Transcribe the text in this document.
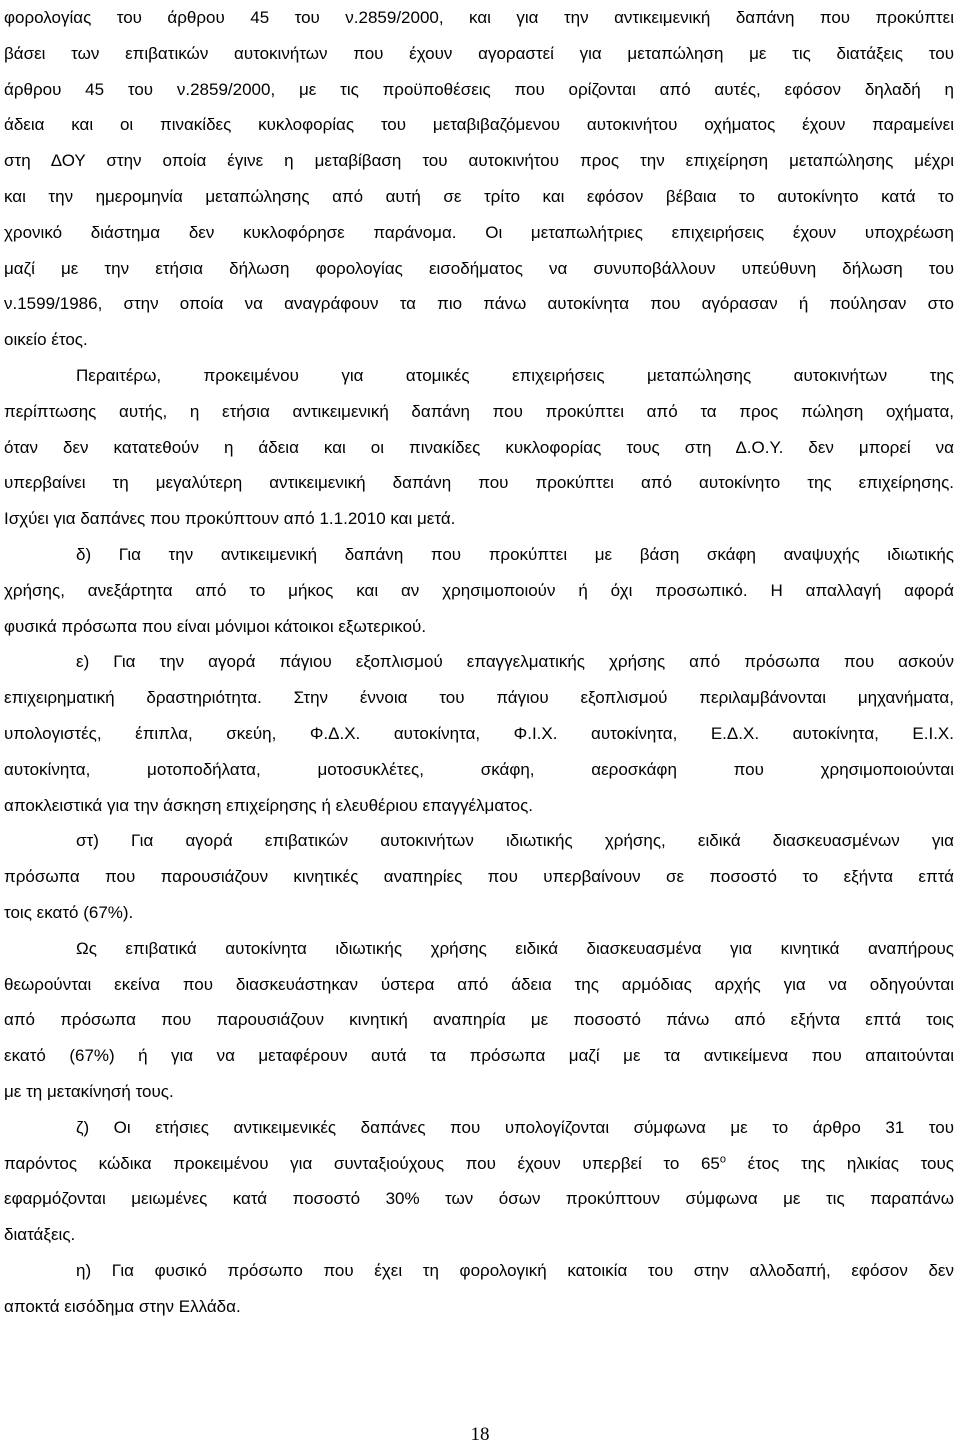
φορολογίας του άρθρου 45 του ν.2859/2000, και για την αντικειμενική δαπάνη που προκύπτει
βάσει των επιβατικών αυτοκινήτων που έχουν αγοραστεί για μεταπώληση με τις διατάξεις του
άρθρου 45 του ν.2859/2000, με τις προϋποθέσεις που ορίζονται από αυτές, εφόσον δηλαδή η
άδεια και οι πινακίδες κυκλοφορίας του μεταβιβαζόμενου αυτοκινήτου οχήματος έχουν παραμείνει
στη ΔΟΥ στην οποία έγινε η μεταβίβαση του αυτοκινήτου προς την επιχείρηση μεταπώλησης μέχρι
και την ημερομηνία μεταπώλησης από αυτή σε τρίτο και εφόσον βέβαια το αυτοκίνητο κατά το
χρονικό διάστημα δεν κυκλοφόρησε παράνομα. Οι μεταπωλήτριες επιχειρήσεις έχουν υποχρέωση
μαζί με την ετήσια δήλωση φορολογίας εισοδήματος να συνυποβάλλουν υπεύθυνη δήλωση του
ν.1599/1986, στην οποία να αναγράφουν τα πιο πάνω αυτοκίνητα που αγόρασαν ή πούλησαν στο
οικείο έτος.
Περαιτέρω, προκειμένου για ατομικές επιχειρήσεις μεταπώλησης αυτοκινήτων της
περίπτωσης αυτής, η ετήσια αντικειμενική δαπάνη που προκύπτει από τα προς πώληση οχήματα,
όταν δεν κατατεθούν η άδεια και οι πινακίδες κυκλοφορίας τους στη Δ.Ο.Υ. δεν μπορεί να
υπερβαίνει τη μεγαλύτερη αντικειμενική δαπάνη που προκύπτει από αυτοκίνητο της επιχείρησης.
Ισχύει για δαπάνες που προκύπτουν από 1.1.2010 και μετά.
δ) Για την αντικειμενική δαπάνη που προκύπτει με βάση σκάφη αναψυχής ιδιωτικής
χρήσης, ανεξάρτητα από το μήκος και αν χρησιμοποιούν ή όχι προσωπικό. Η απαλλαγή αφορά
φυσικά πρόσωπα που είναι μόνιμοι κάτοικοι εξωτερικού.
ε) Για την αγορά πάγιου εξοπλισμού επαγγελματικής χρήσης από πρόσωπα που ασκούν
επιχειρηματική δραστηριότητα. Στην έννοια του πάγιου εξοπλισμού περιλαμβάνονται μηχανήματα,
υπολογιστές, έπιπλα, σκεύη, Φ.Δ.Χ. αυτοκίνητα, Φ.Ι.Χ. αυτοκίνητα, Ε.Δ.Χ. αυτοκίνητα, Ε.Ι.Χ.
αυτοκίνητα, μοτοποδήλατα, μοτοσυκλέτες, σκάφη, αεροσκάφη που χρησιμοποιούνται
αποκλειστικά για την άσκηση επιχείρησης ή ελευθέριου επαγγέλματος.
στ) Για αγορά επιβατικών αυτοκινήτων ιδιωτικής χρήσης, ειδικά διασκευασμένων για
πρόσωπα που παρουσιάζουν κινητικές αναπηρίες που υπερβαίνουν σε ποσοστό το εξήντα επτά
τοις εκατό (67%).
Ως επιβατικά αυτοκίνητα ιδιωτικής χρήσης ειδικά διασκευασμένα για κινητικά αναπήρους
θεωρούνται εκείνα που διασκευάστηκαν ύστερα από άδεια της αρμόδιας αρχής για να οδηγούνται
από πρόσωπα που παρουσιάζουν κινητική αναπηρία με ποσοστό πάνω από εξήντα επτά τοις
εκατό (67%) ή για να μεταφέρουν αυτά τα πρόσωπα μαζί με τα αντικείμενα που απαιτούνται
με τη μετακίνησή τους.
ζ) Οι ετήσιες αντικειμενικές δαπάνες που υπολογίζονται σύμφωνα με το άρθρο 31 του
παρόντος κώδικα προκειμένου για συνταξιούχους που έχουν υπερβεί το $65^o$ έτος της ηλικίας τους
εφαρμόζονται μειωμένες κατά ποσοστό 30% των όσων προκύπτουν σύμφωνα με τις παραπάνω
διατάξεις.
η) Για φυσικό πρόσωπο που έχει τη φορολογική κατοικία του στην αλλοδαπή, εφόσον δεν
αποκτά εισόδημα στην Ελλάδα.
18
